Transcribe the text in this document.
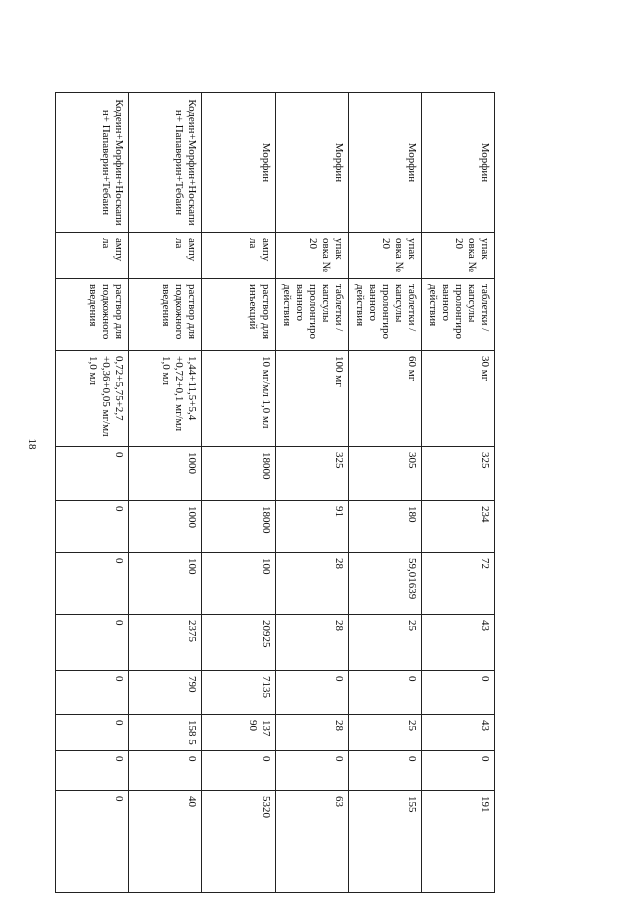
18
Морфин	упак овка № 20	таблетки / капсулы пролонгиро ванного действия	30 мг	325	234	72	43	0	43	0	191
Морфин	упак овка № 20	таблетки / капсулы пролонгиро ванного действия	60 мг	305	180	59,01639	25	0	25	0	155
Морфин	упак овка № 20	таблетки / капсулы пролонгиро ванного действия	100 мг	325	91	28	28	0	28	0	63
Морфин	ампу ла	раствор для инъекций	10 мг/мл 1,0 мл	18000	18000	100	20925	7135	137 90	0	5320
Кодеин+Морфин+Носкапин+ Папаверин+Тебаин	ампу ла	раствор для подкожного введения	1,44+11,5+5,4 +0,72+0,1 мг/мл 1,0 мл	1000	1000	100	2375	790	158 5	0	40
Кодеин+Морфин+Носкапин+ Папаверин+Тебаин	ампу ла	раствор для подкожного введения	0,72+5,75+2,7 +0,36+0,05 мг/мл 1,0 мл	0	0	0	0	0	0	0	0
